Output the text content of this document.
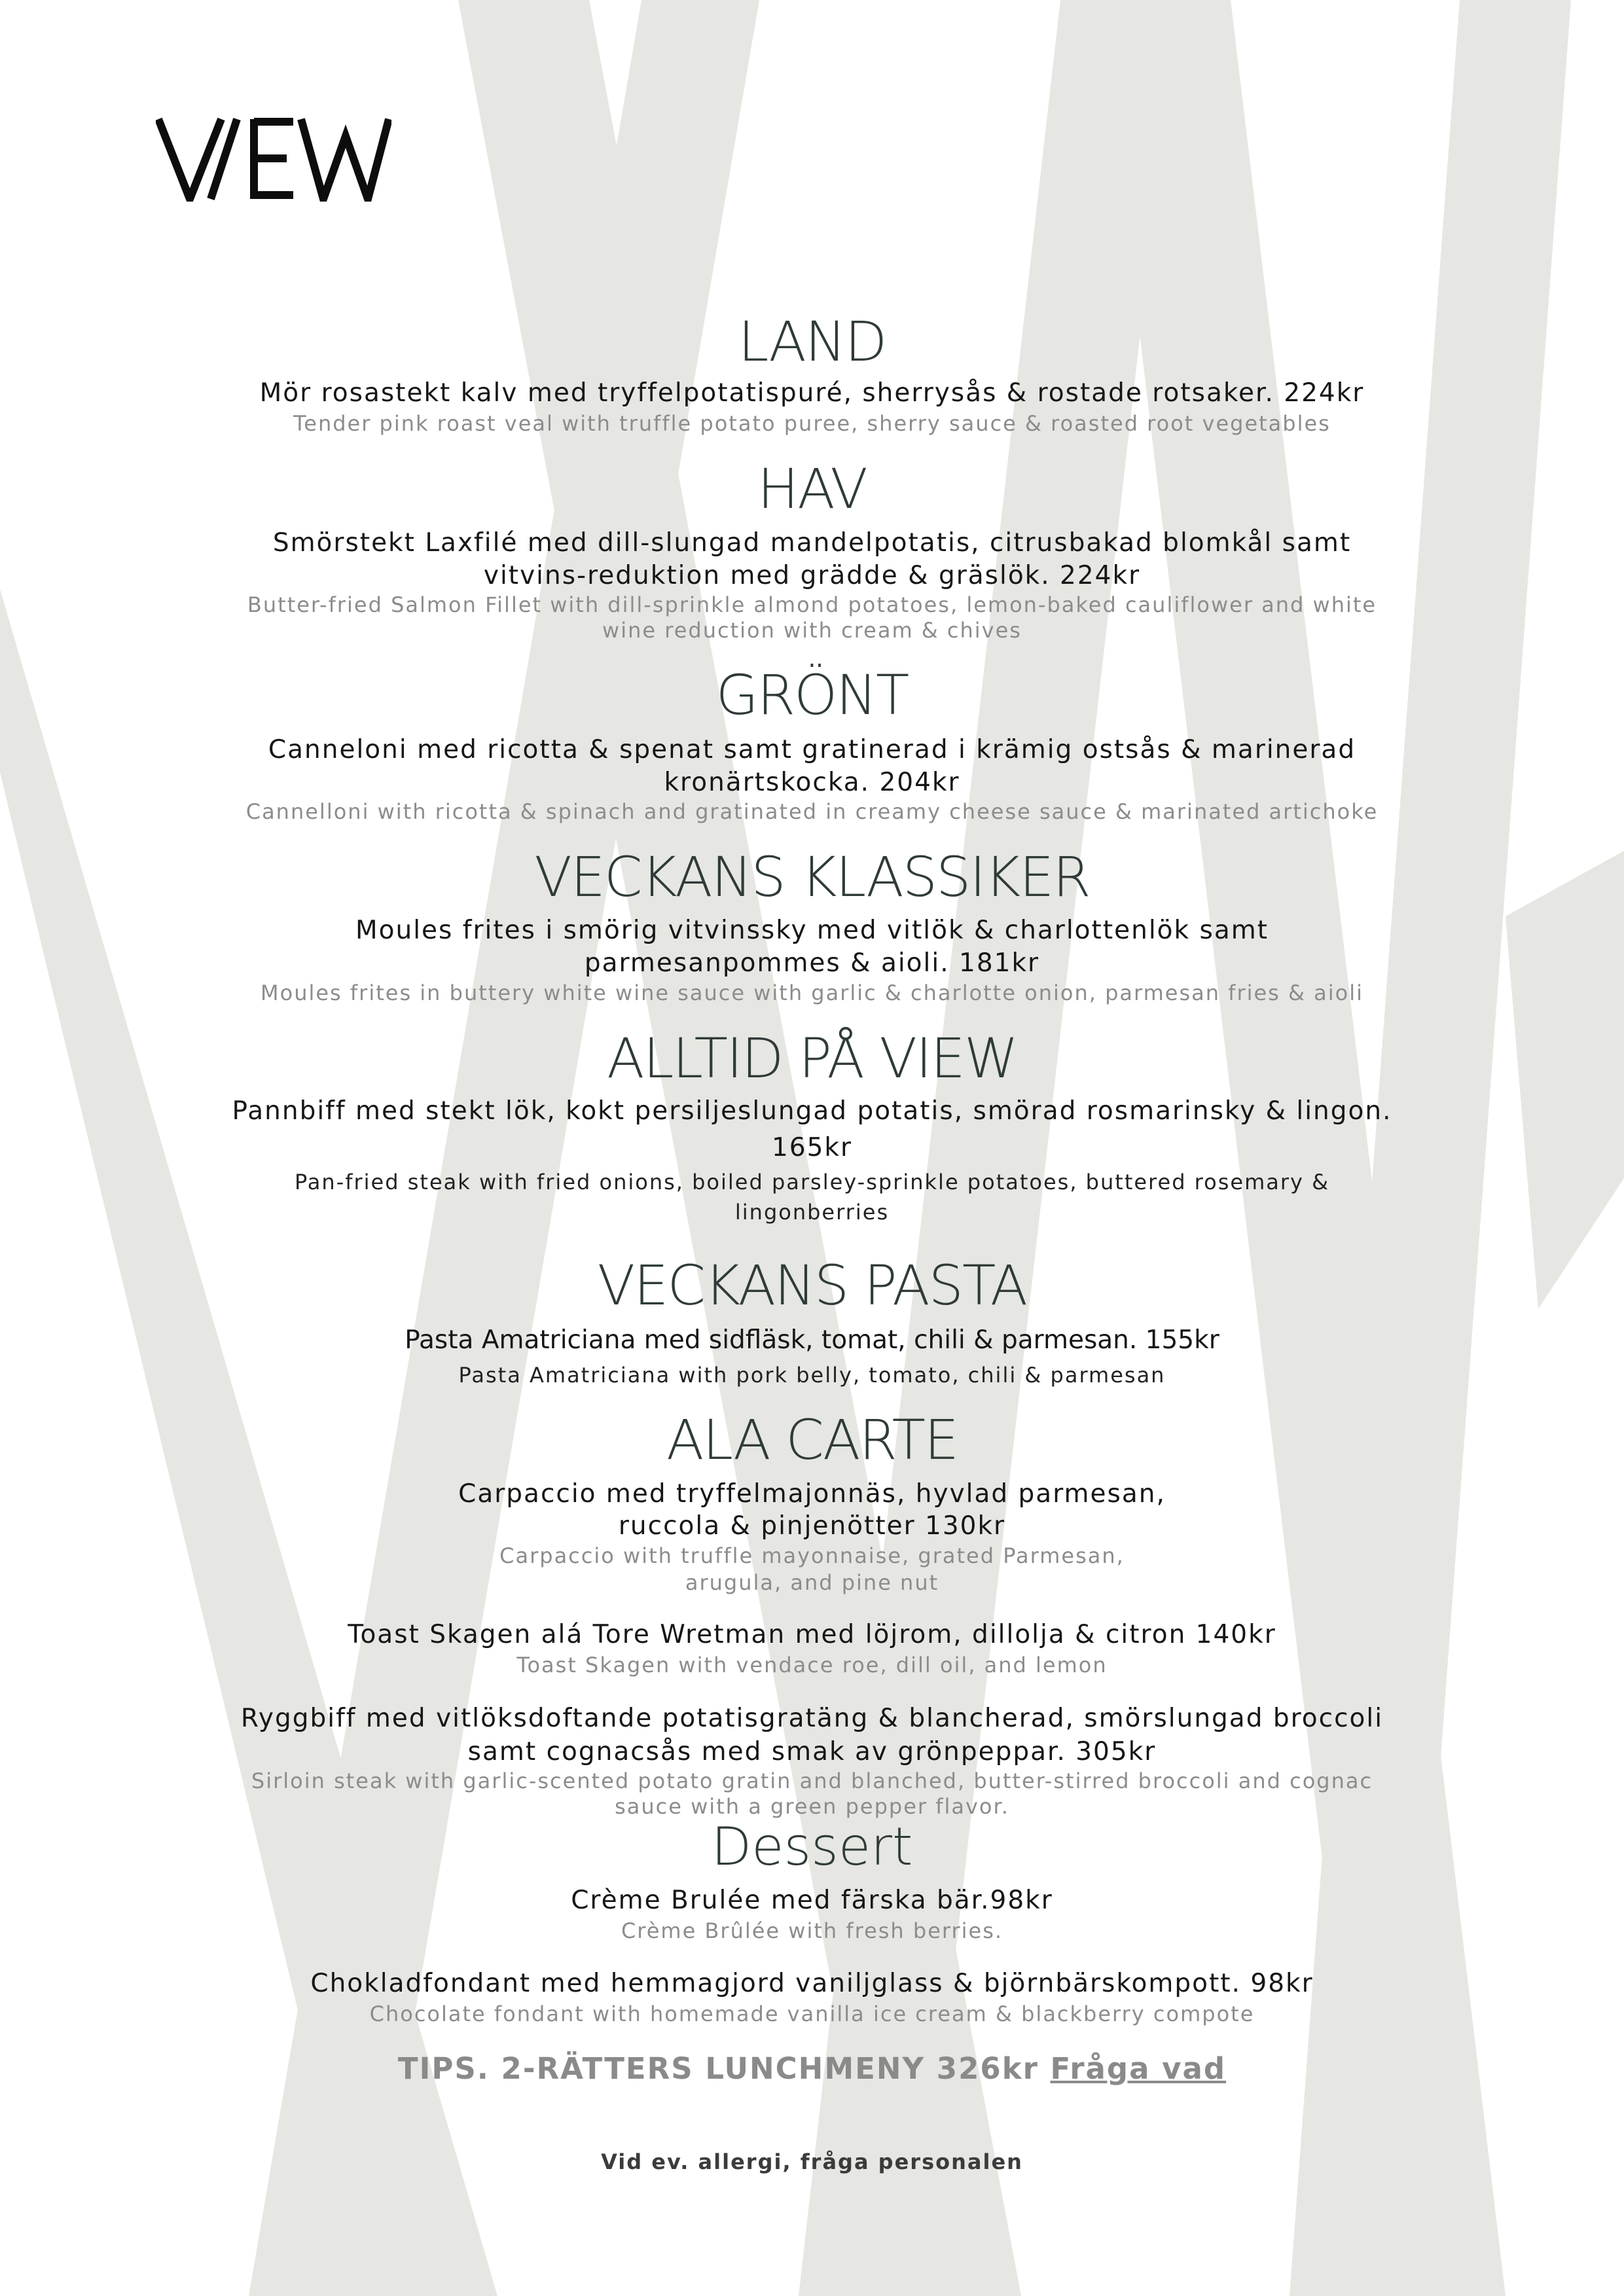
LAND

Mör rosastekt kalv med tryffelpotatispuré, sherrysås & rostade rotsaker. 224kr

Tender pink roast veal with truffle potato puree, sherry sauce & roasted root vegetables

HAV

Smörstekt Laxfilé med dill-slungad mandelpotatis, citrusbakad blomkål samt

vitvins-reduktion med grädde & gräslök. 224kr

Butter-fried Salmon Fillet with dill-sprinkle almond potatoes, lemon-baked cauliflower and white

wine reduction with cream & chives

GRÖNT

Canneloni med ricotta & spenat samt gratinerad i krämig ostsås & marinerad

kronärtskocka. 204kr

Cannelloni with ricotta & spinach and gratinated in creamy cheese sauce & marinated artichoke

VECKANS KLASSIKER

Moules frites i smörig vitvinssky med vitlök & charlottenlök samt

parmesanpommes & aioli. 181kr

Moules frites in buttery white wine sauce with garlic & charlotte onion, parmesan fries & aioli

ALLTID PÅ VIEW

Pannbiff med stekt lök, kokt persiljeslungad potatis, smörad rosmarinsky & lingon.

165kr

Pan-fried steak with fried onions, boiled parsley-sprinkle potatoes, buttered rosemary &

lingonberries

VECKANS PASTA

Pasta Amatriciana med sidfläsk, tomat, chili & parmesan. 155kr

Pasta Amatriciana with pork belly, tomato, chili & parmesan

ALA CARTE

Carpaccio med tryffelmajonnäs, hyvlad parmesan,

ruccola & pinjenötter 130kr

Carpaccio with truffle mayonnaise, grated Parmesan,

arugula, and pine nut

Toast Skagen alá Tore Wretman med löjrom, dillolja & citron 140kr

Toast Skagen with vendace roe, dill oil, and lemon

Ryggbiff med vitlöksdoftande potatisgratäng & blancherad, smörslungad broccoli

samt cognacsås med smak av grönpeppar. 305kr

Sirloin steak with garlic-scented potato gratin and blanched, butter-stirred broccoli and cognac

sauce with a green pepper flavor.

Dessert

Crème Brulée med färska bär.98kr

Crème Brûlée with fresh berries.

Chokladfondant med hemmagjord vaniljglass & björnbärskompott. 98kr

Chocolate fondant with homemade vanilla ice cream & blackberry compote

TIPS. 2-RÄTTERS LUNCHMENY 326kr Fråga vad

Vid ev. allergi, fråga personalen
